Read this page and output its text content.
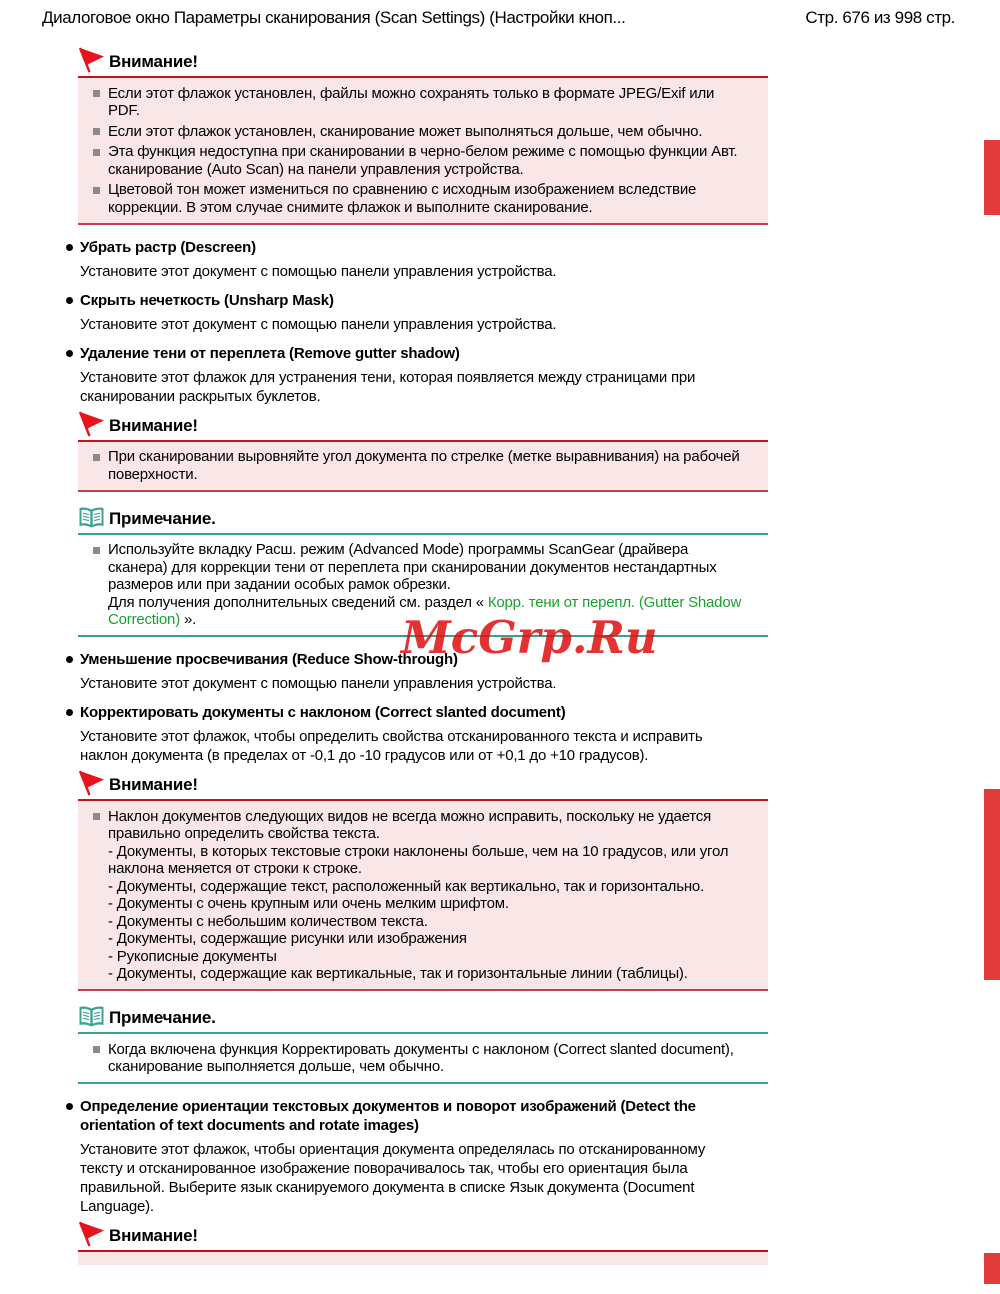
Диалоговое окно Параметры сканирования (Scan Settings) (Настройки кноп...	Стр. 676 из 998 стр.
Внимание!
Если этот флажок установлен, файлы можно сохранять только в формате JPEG/Exif или PDF.
Если этот флажок установлен, сканирование может выполняться дольше, чем обычно.
Эта функция недоступна при сканировании в черно-белом режиме с помощью функции Авт. сканирование (Auto Scan) на панели управления устройства.
Цветовой тон может измениться по сравнению с исходным изображением вследствие коррекции. В этом случае снимите флажок и выполните сканирование.
Убрать растр (Descreen)
Установите этот документ с помощью панели управления устройства.
Скрыть нечеткость (Unsharp Mask)
Установите этот документ с помощью панели управления устройства.
Удаление тени от переплета (Remove gutter shadow)
Установите этот флажок для устранения тени, которая появляется между страницами при сканировании раскрытых буклетов.
Внимание!
При сканировании выровняйте угол документа по стрелке (метке выравнивания) на рабочей поверхности.
Примечание.
Используйте вкладку Расш. режим (Advanced Mode) программы ScanGear (драйвера сканера) для коррекции тени от переплета при сканировании документов нестандартных размеров или при задании особых рамок обрезки.
Для получения дополнительных сведений см. раздел « Корр. тени от перепл. (Gutter Shadow Correction) ».
Уменьшение просвечивания (Reduce Show-through)
Установите этот документ с помощью панели управления устройства.
Корректировать документы с наклоном (Correct slanted document)
Установите этот флажок, чтобы определить свойства отсканированного текста и исправить наклон документа (в пределах от -0,1 до -10 градусов или от +0,1 до +10 градусов).
Внимание!
Наклон документов следующих видов не всегда можно исправить, поскольку не удается правильно определить свойства текста.
- Документы, в которых текстовые строки наклонены больше, чем на 10 градусов, или угол наклона меняется от строки к строке.
- Документы, содержащие текст, расположенный как вертикально, так и горизонтально.
- Документы с очень крупным или очень мелким шрифтом.
- Документы с небольшим количеством текста.
- Документы, содержащие рисунки или изображения
- Рукописные документы
- Документы, содержащие как вертикальные, так и горизонтальные линии (таблицы).
Примечание.
Когда включена функция Корректировать документы с наклоном (Correct slanted document), сканирование выполняется дольше, чем обычно.
Определение ориентации текстовых документов и поворот изображений (Detect the orientation of text documents and rotate images)
Установите этот флажок, чтобы ориентация документа определялась по отсканированному тексту и отсканированное изображение поворачивалось так, чтобы его ориентация была правильной. Выберите язык сканируемого документа в списке Язык документа (Document Language).
Внимание!
McGrp.Ru
